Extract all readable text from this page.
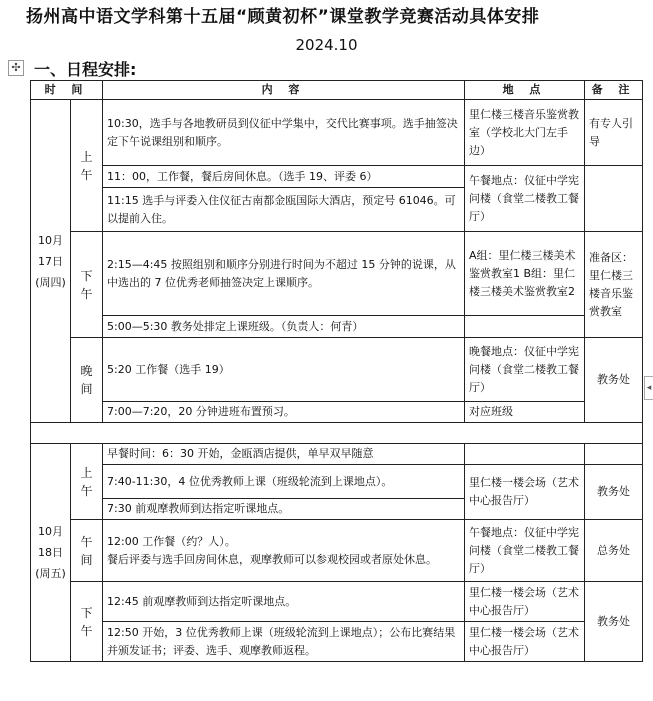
扬州高中语文学科第十五届“顾黄初杯”课堂教学竞赛活动具体安排
2024.10
✣ 一、日程安排:
◂
时 间		内 容	地 点	备 注
10月17日(周四)	上午	10:30，选手与各地教研员到仪征中学集中，交代比赛事项。选手抽签决定下午说课组别和顺序。	里仁楼三楼音乐鉴赏教室（学校北大门左手边）	有专人引导
		11：00，工作餐，餐后房间休息。（选手 19、评委 6）	午餐地点：仪征中学宪问楼（食堂二楼教工餐厅）	
		11:15 选手与评委入住仪征古南都金瓯国际大酒店，预定号 61046。可以提前入住。		
	下午	2:15—4:45 按照组别和顺序分别进行时间为不超过 15 分钟的说课，从中选出的 7 位优秀老师抽签决定上课顺序。	A组：里仁楼三楼美术鉴赏教室1 B组：里仁楼三楼美术鉴赏教室2	准备区：里仁楼三楼音乐鉴赏教室
		5:00—5:30 教务处排定上课班级。（负责人：何青）		
	晚间	5:20 工作餐（选手 19）	晚餐地点：仪征中学宪问楼（食堂二楼教工餐厅）	教务处
		7:00—7:20，20 分钟进班布置预习。	对应班级	

10月18日(周五)	上午	早餐时间：6：30 开始，金瓯酒店提供，单早双早随意		
		7:40-11:30，4 位优秀教师上课（班级轮流到上课地点）。	里仁楼一楼会场（艺术中心报告厅）	教务处
		7:30 前观摩教师到达指定听课地点。		
	午间	12:00 工作餐（约？人）。
餐后评委与选手回房间休息，观摩教师可以参观校园或者原处休息。	午餐地点：仪征中学宪问楼（食堂二楼教工餐厅）	总务处
	下午	12:45 前观摩教师到达指定听课地点。	里仁楼一楼会场（艺术中心报告厅）	教务处
		12:50 开始，3 位优秀教师上课（班级轮流到上课地点）；公布比赛结果并颁发证书；评委、选手、观摩教师返程。	里仁楼一楼会场（艺术中心报告厅）	
